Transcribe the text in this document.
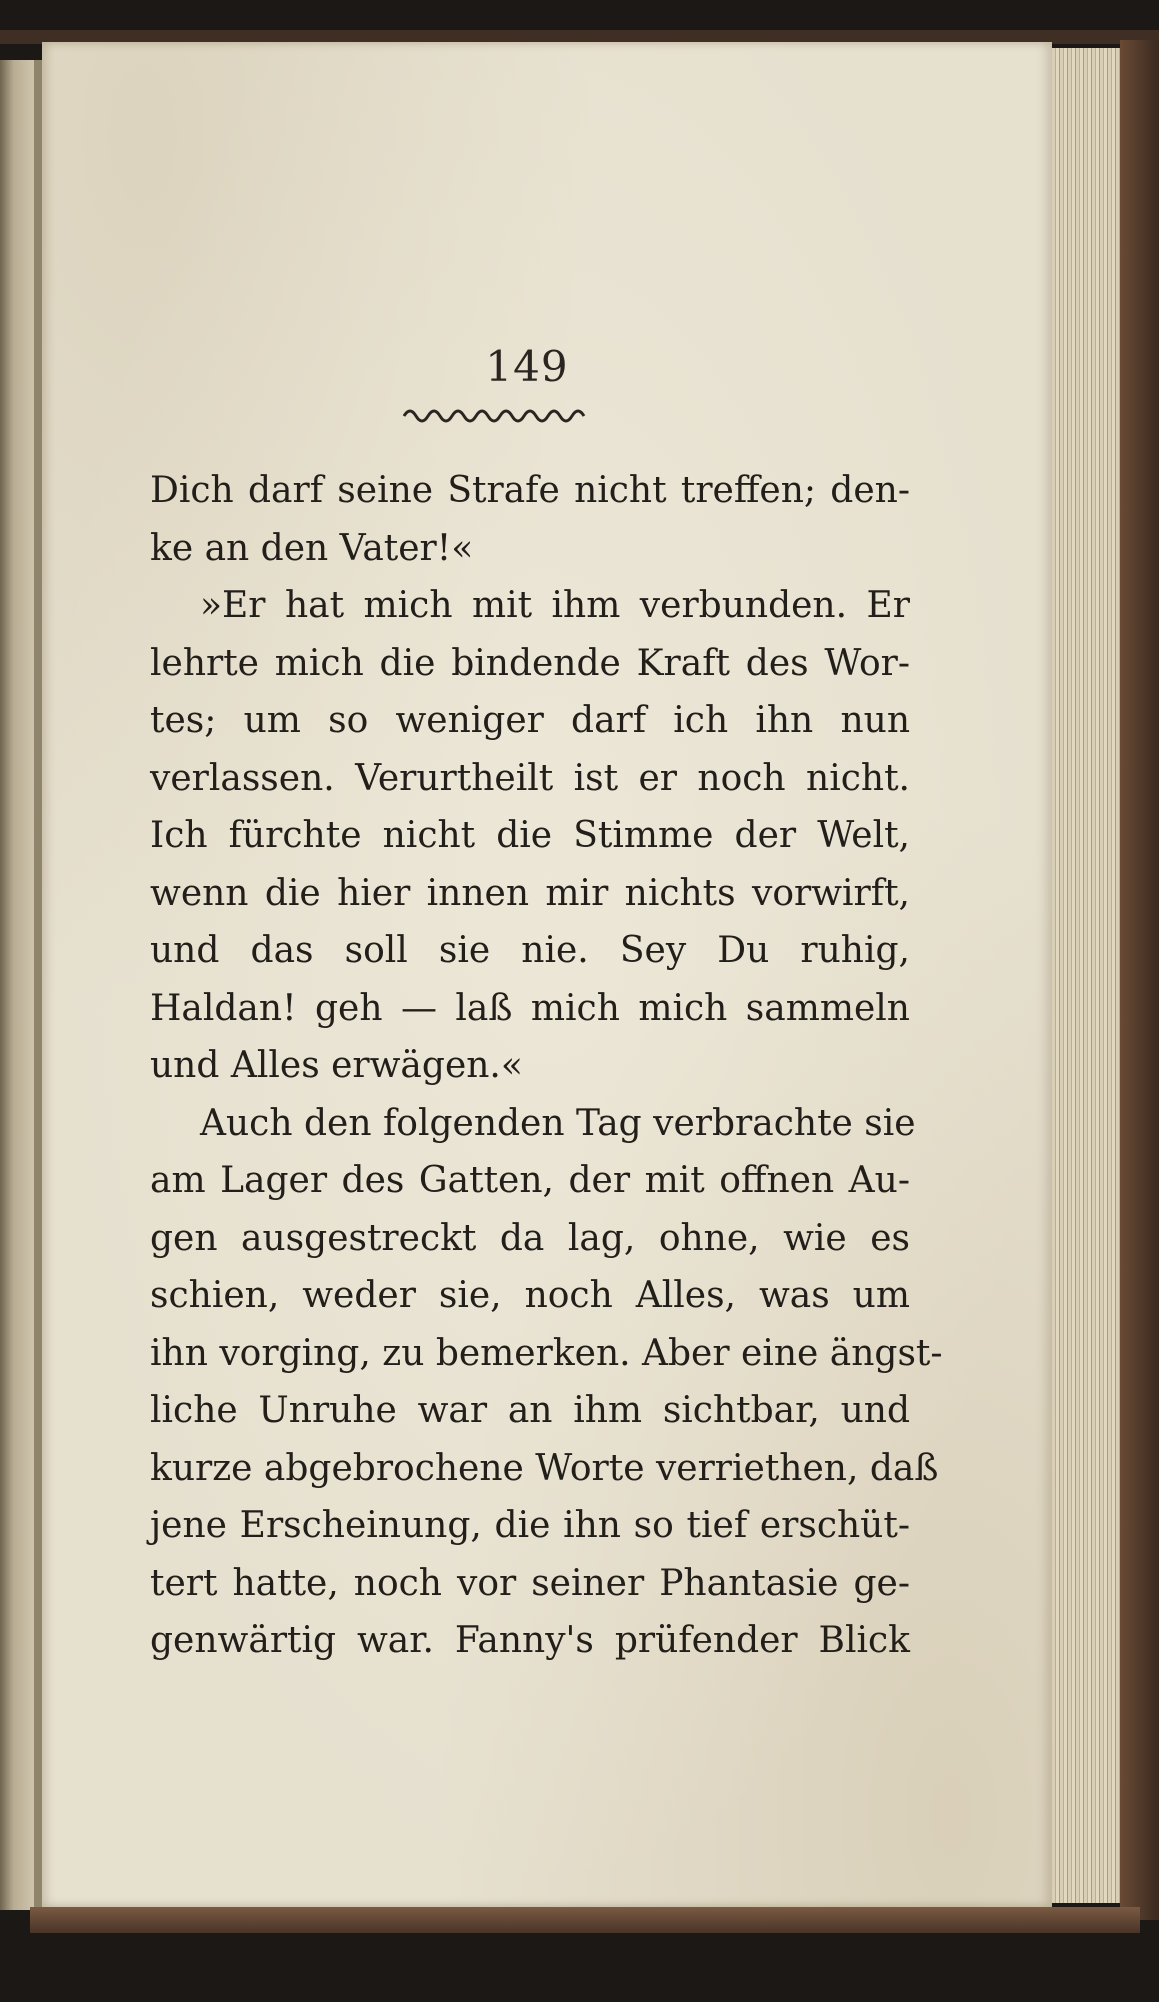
149
Dich darf seine Strafe nicht treffen; den-
ke an den Vater!«
»Er hat mich mit ihm verbunden. Er
lehrte mich die bindende Kraft des Wor-
tes; um so weniger darf ich ihn nun
verlassen. Verurtheilt ist er noch nicht.
Ich fürchte nicht die Stimme der Welt,
wenn die hier innen mir nichts vorwirft,
und das soll sie nie. Sey Du ruhig,
Haldan! geh — laß mich mich sammeln
und Alles erwägen.«
Auch den folgenden Tag verbrachte sie
am Lager des Gatten, der mit offnen Au-
gen ausgestreckt da lag, ohne, wie es
schien, weder sie, noch Alles, was um
ihn vorging, zu bemerken. Aber eine ängst-
liche Unruhe war an ihm sichtbar, und
kurze abgebrochene Worte verriethen, daß
jene Erscheinung, die ihn so tief erschüt-
tert hatte, noch vor seiner Phantasie ge-
genwärtig war. Fanny's prüfender Blick
